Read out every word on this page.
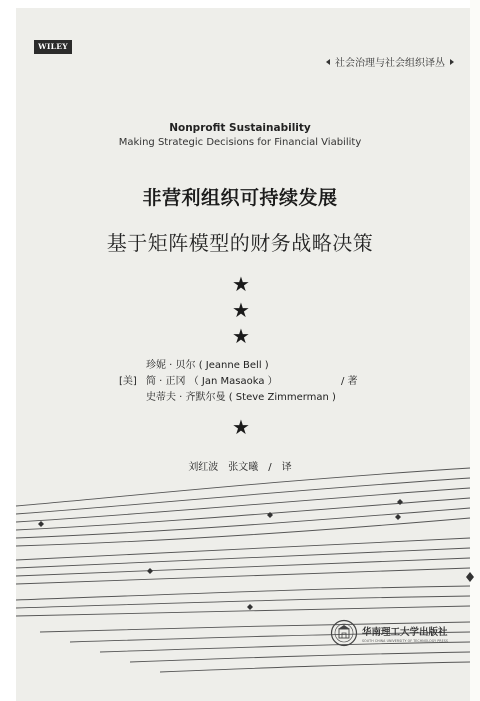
WILEY
社会治理与社会组织译丛
Nonprofit Sustainability
Making Strategic Decisions for Financial Viability
非营利组织可持续发展
基于矩阵模型的财务战略决策
★
★
★
[美]
珍妮 · 贝尔 ( Jeanne Bell )
简 · 正冈 （ Jan Masaoka ）
史蒂夫 · 齐默尔曼 ( Steve Zimmerman )
/ 著
★
刘红波　张文曦　/　译
华南理工大学出版社
SOUTH CHINA UNIVERSITY OF TECHNOLOGY PRESS
